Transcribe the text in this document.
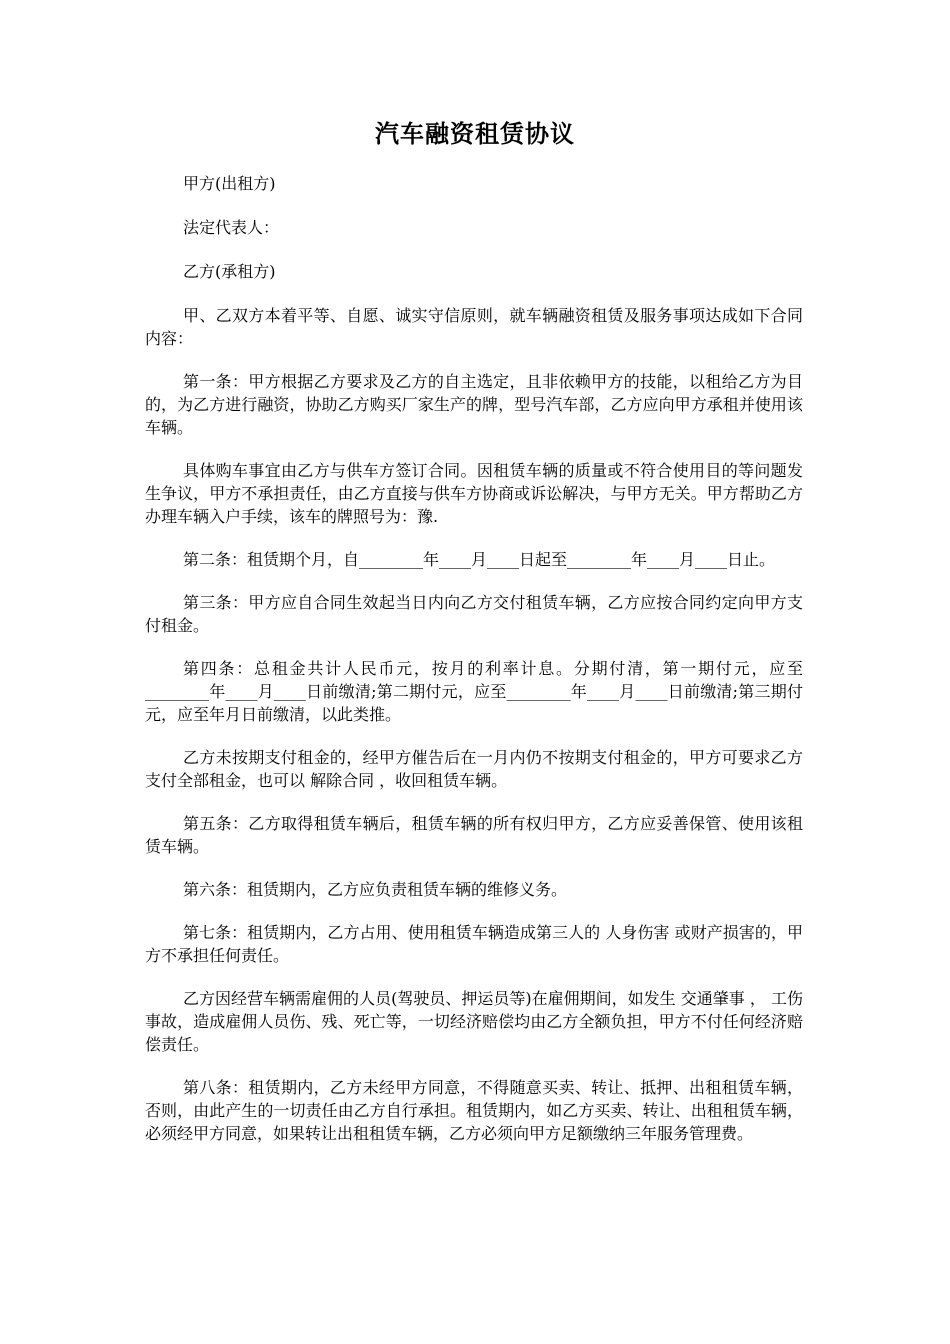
汽车融资租赁协议

甲方(出租方)

法定代表人：

乙方(承租方)

甲、乙双方本着平等、自愿、诚实守信原则，就车辆融资租赁及服务事项达成如下合同内容：

第一条：甲方根据乙方要求及乙方的自主选定，且非依赖甲方的技能，以租给乙方为目的，为乙方进行融资，协助乙方购买厂家生产的牌，型号汽车部，乙方应向甲方承租并使用该车辆。

具体购车事宜由乙方与供车方签订合同。因租赁车辆的质量或不符合使用目的等问题发生争议，甲方不承担责任，由乙方直接与供车方协商或诉讼解决，与甲方无关。甲方帮助乙方办理车辆入户手续，该车的牌照号为：豫.

第二条：租赁期个月，自________年____月____日起至________年____月____日止。

第三条：甲方应自合同生效起当日内向乙方交付租赁车辆，乙方应按合同约定向甲方支付租金。

第四条：总租金共计人民币元，按月的利率计息。分期付清，第一期付元，应至________年____月____日前缴清;第二期付元，应至________年____月____日前缴清;第三期付元，应至年月日前缴清，以此类推。

乙方未按期支付租金的，经甲方催告后在一月内仍不按期支付租金的，甲方可要求乙方支付全部租金，也可以 解除合同 ，收回租赁车辆。

第五条：乙方取得租赁车辆后，租赁车辆的所有权归甲方，乙方应妥善保管、使用该租赁车辆。

第六条：租赁期内，乙方应负责租赁车辆的维修义务。

第七条：租赁期内，乙方占用、使用租赁车辆造成第三人的 人身伤害 或财产损害的，甲方不承担任何责任。

乙方因经营车辆需雇佣的人员(驾驶员、押运员等)在雇佣期间，如发生 交通肇事 ， 工伤 事故，造成雇佣人员伤、残、死亡等，一切经济赔偿均由乙方全额负担，甲方不付任何经济赔偿责任。

第八条：租赁期内，乙方未经甲方同意，不得随意买卖、转让、抵押、出租租赁车辆，否则，由此产生的一切责任由乙方自行承担。租赁期内，如乙方买卖、转让、出租租赁车辆，必须经甲方同意，如果转让出租租赁车辆，乙方必须向甲方足额缴纳三年服务管理费。
